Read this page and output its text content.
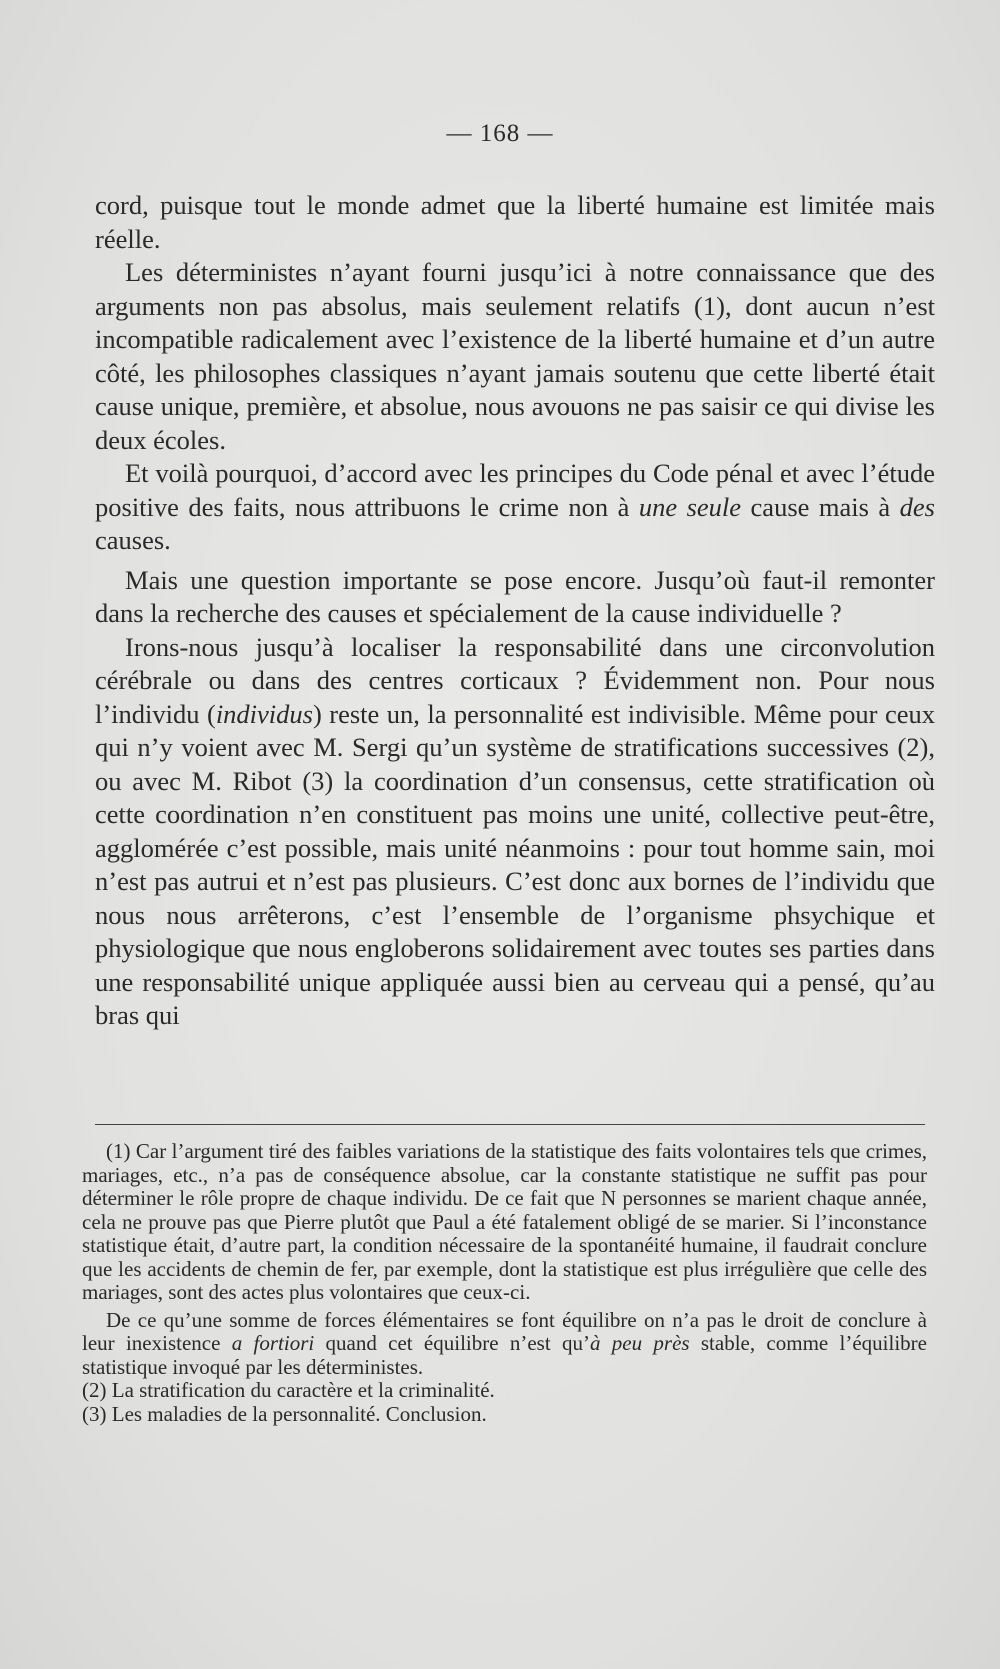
— 168 —

cord, puisque tout le monde admet que la liberté humaine est limitée mais réelle.

Les déterministes n’ayant fourni jusqu’ici à notre connaissance que des arguments non pas absolus, mais seulement relatifs (1), dont aucun n’est incompatible radicalement avec l’existence de la liberté humaine et d’un autre côté, les philosophes classiques n’ayant jamais soutenu que cette liberté était cause unique, première, et absolue, nous avouons ne pas saisir ce qui divise les deux écoles.

Et voilà pourquoi, d’accord avec les principes du Code pénal et avec l’étude positive des faits, nous attribuons le crime non à une seule cause mais à des causes.

Mais une question importante se pose encore. Jusqu’où faut-il remonter dans la recherche des causes et spécialement de la cause individuelle ?

Irons-nous jusqu’à localiser la responsabilité dans une circonvolution cérébrale ou dans des centres corticaux ? Évidemment non. Pour nous l’individu (individus) reste un, la personnalité est indivisible. Même pour ceux qui n’y voient avec M. Sergi qu’un système de stratifications successives (2), ou avec M. Ribot (3) la coordination d’un consensus, cette stratification où cette coordination n’en constituent pas moins une unité, collective peut-être, agglomérée c’est possible, mais unité néanmoins : pour tout homme sain, moi n’est pas autrui et n’est pas plusieurs. C’est donc aux bornes de l’individu que nous nous arrêterons, c’est l’ensemble de l’organisme phsychique et physiologique que nous engloberons solidairement avec toutes ses parties dans une responsabilité unique appliquée aussi bien au cerveau qui a pensé, qu’au bras qui

(1) Car l’argument tiré des faibles variations de la statistique des faits volontaires tels que crimes, mariages, etc., n’a pas de conséquence absolue, car la constante statistique ne suffit pas pour déterminer le rôle propre de chaque individu. De ce fait que N personnes se marient chaque année, cela ne prouve pas que Pierre plutôt que Paul a été fatalement obligé de se marier. Si l’inconstance statistique était, d’autre part, la condition nécessaire de la spontanéité humaine, il faudrait conclure que les accidents de chemin de fer, par exemple, dont la statistique est plus irrégulière que celle des mariages, sont des actes plus volontaires que ceux-ci.

De ce qu’une somme de forces élémentaires se font équilibre on n’a pas le droit de conclure à leur inexistence a fortiori quand cet équilibre n’est qu’à peu près stable, comme l’équilibre statistique invoqué par les déterministes.

(2) La stratification du caractère et la criminalité.

(3) Les maladies de la personnalité. Conclusion.
